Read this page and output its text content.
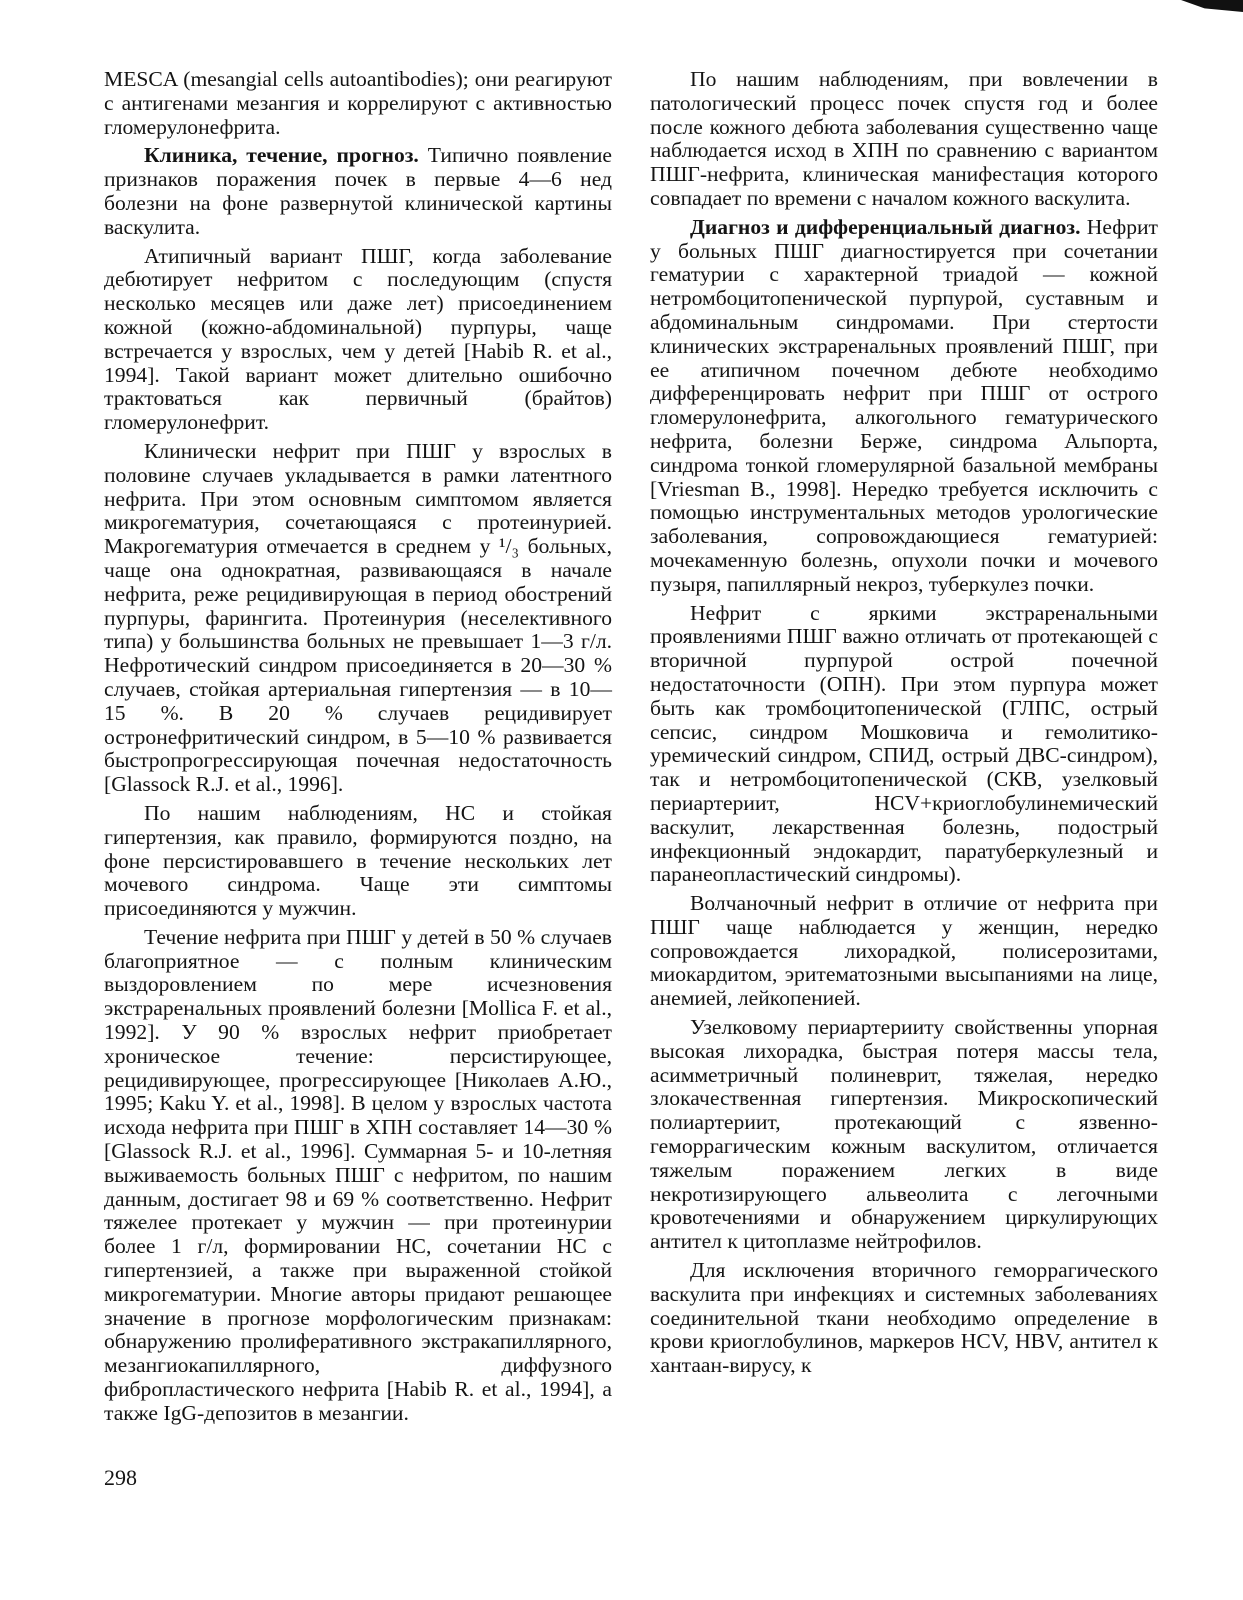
MESCA (mesangial cells autoantibodies); они реагируют с антигенами мезангия и коррелируют с активностью гломерулонефрита.

Клиника, течение, прогноз. Типично появление признаков поражения почек в первые 4—6 нед болезни на фоне развернутой клинической картины васкулита.

Атипичный вариант ПШГ, когда заболевание дебютирует нефритом с последующим (спустя несколько месяцев или даже лет) присоединением кожной (кожно-абдоминальной) пурпуры, чаще встречается у взрослых, чем у детей [Habib R. et al., 1994]. Такой вариант может длительно ошибочно трактоваться как первичный (брайтов) гломерулонефрит.

Клинически нефрит при ПШГ у взрослых в половине случаев укладывается в рамки латентного нефрита. При этом основным симптомом является микрогематурия, сочетающаяся с протеинурией. Макрогематурия отмечается в среднем у ¹/₃ больных, чаще она однократная, развивающаяся в начале нефрита, реже рецидивирующая в период обострений пурпуры, фарингита. Протеинурия (неселективного типа) у большинства больных не превышает 1—3 г/л. Нефротический синдром присоединяется в 20—30 % случаев, стойкая артериальная гипертензия — в 10—15 %. В 20 % случаев рецидивирует остронефритический синдром, в 5—10 % развивается быстропрогрессирующая почечная недостаточность [Glassock R.J. et al., 1996].

По нашим наблюдениям, НС и стойкая гипертензия, как правило, формируются поздно, на фоне персистировавшего в течение нескольких лет мочевого синдрома. Чаще эти симптомы присоединяются у мужчин.

Течение нефрита при ПШГ у детей в 50 % случаев благоприятное — с полным клиническим выздоровлением по мере исчезновения экстраренальных проявлений болезни [Mollica F. et al., 1992]. У 90 % взрослых нефрит приобретает хроническое течение: персистирующее, рецидивирующее, прогрессирующее [Николаев А.Ю., 1995; Kaku Y. et al., 1998]. В целом у взрослых частота исхода нефрита при ПШГ в ХПН составляет 14—30 % [Glassock R.J. et al., 1996]. Суммарная 5- и 10-летняя выживаемость больных ПШГ с нефритом, по нашим данным, достигает 98 и 69 % соответственно. Нефрит тяжелее протекает у мужчин — при протеинурии более 1 г/л, формировании НС, сочетании НС с гипертензией, а также при выраженной стойкой микрогематурии. Многие авторы придают решающее значение в прогнозе морфологическим признакам: обнаружению пролиферативного экстракапиллярного, мезангиокапиллярного, диффузного фибропластического нефрита [Habib R. et al., 1994], а также IgG-депозитов в мезангии.

По нашим наблюдениям, при вовлечении в патологический процесс почек спустя год и более после кожного дебюта заболевания существенно чаще наблюдается исход в ХПН по сравнению с вариантом ПШГ-нефрита, клиническая манифестация которого совпадает по времени с началом кожного васкулита.

Диагноз и дифференциальный диагноз. Нефрит у больных ПШГ диагностируется при сочетании гематурии с характерной триадой — кожной нетромбоцитопенической пурпурой, суставным и абдоминальным синдромами. При стертости клинических экстраренальных проявлений ПШГ, при ее атипичном почечном дебюте необходимо дифференцировать нефрит при ПШГ от острого гломерулонефрита, алкогольного гематурического нефрита, болезни Берже, синдрома Альпорта, синдрома тонкой гломерулярной базальной мембраны [Vriesman B., 1998]. Нередко требуется исключить с помощью инструментальных методов урологические заболевания, сопровождающиеся гематурией: мочекаменную болезнь, опухоли почки и мочевого пузыря, папиллярный некроз, туберкулез почки.

Нефрит с яркими экстраренальными проявлениями ПШГ важно отличать от протекающей с вторичной пурпурой острой почечной недостаточности (ОПН). При этом пурпура может быть как тромбоцитопенической (ГЛПС, острый сепсис, синдром Мошковича и гемолитико-уремический синдром, СПИД, острый ДВС-синдром), так и нетромбоцитопенической (СКВ, узелковый периартериит, HCV+криоглобулинемический васкулит, лекарственная болезнь, подострый инфекционный эндокардит, паратуберкулезный и паранеопластический синдромы).

Волчаночный нефрит в отличие от нефрита при ПШГ чаще наблюдается у женщин, нередко сопровождается лихорадкой, полисерозитами, миокардитом, эритематозными высыпаниями на лице, анемией, лейкопенией.

Узелковому периартерииту свойственны упорная высокая лихорадка, быстрая потеря массы тела, асимметричный полиневрит, тяжелая, нередко злокачественная гипертензия. Микроскопический полиартериит, протекающий с язвенно-геморрагическим кожным васкулитом, отличается тяжелым поражением легких в виде некротизирующего альвеолита с легочными кровотечениями и обнаружением циркулирующих антител к цитоплазме нейтрофилов.

Для исключения вторичного геморрагического васкулита при инфекциях и системных заболеваниях соединительной ткани необходимо определение в крови криоглобулинов, маркеров HCV, HBV, антител к хантаан-вирусу, к

298
